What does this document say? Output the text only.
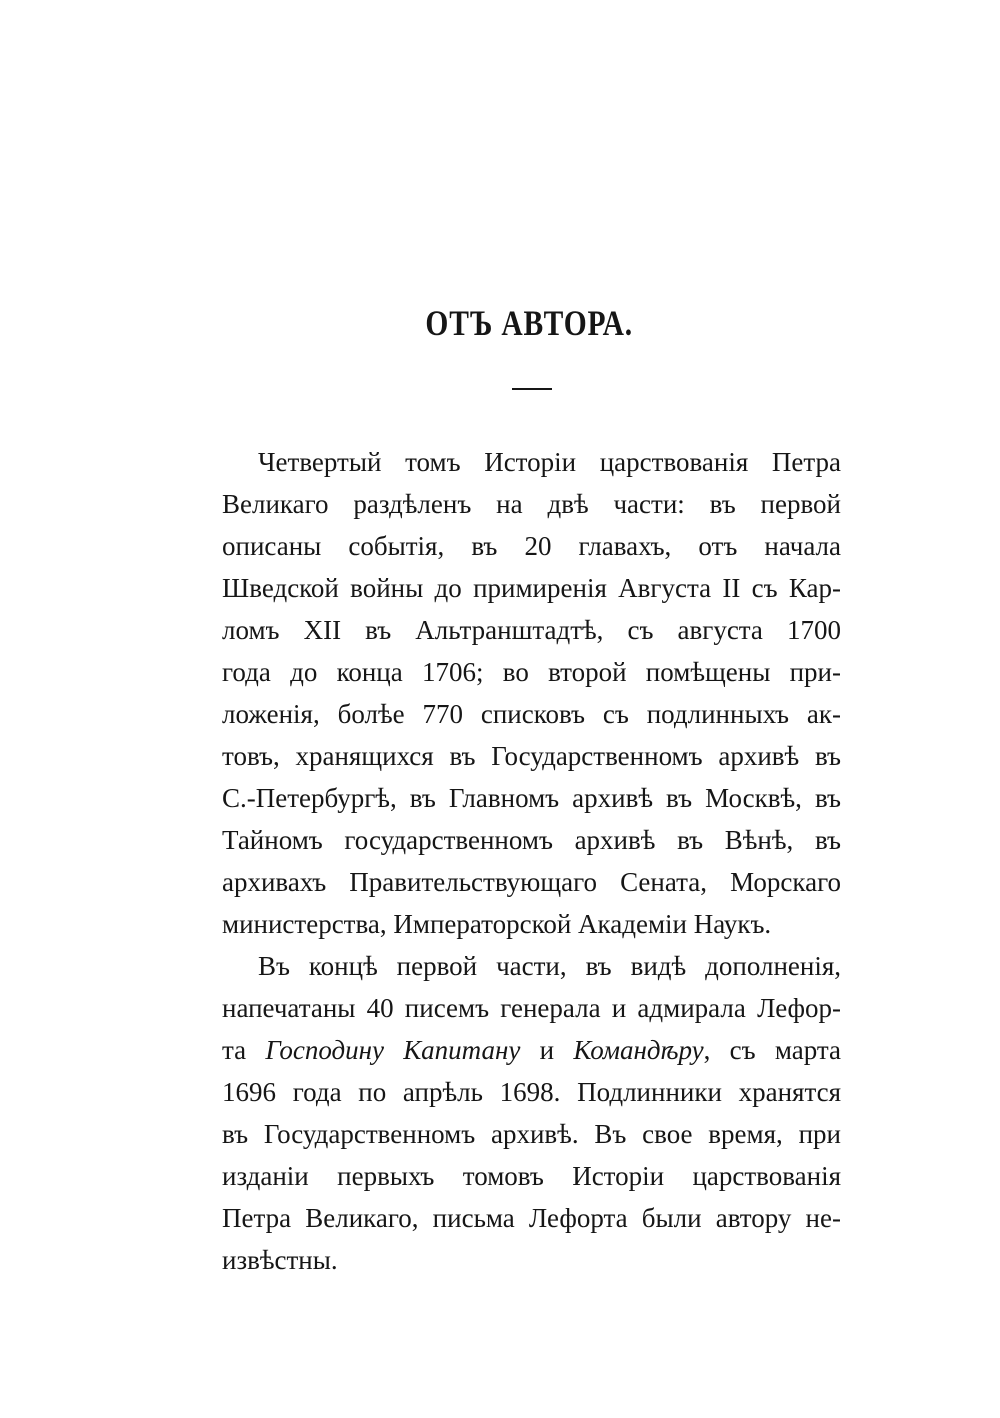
ОТЪ АВТОРА.
Четвертый томъ Исторіи царствованія Петра
Великаго раздѣленъ на двѣ части: въ первой
описаны событія, въ 20 главахъ, отъ начала
Шведской войны до примиренія Августа II съ Кар-
ломъ XII въ Альтранштадтѣ, съ августа 1700
года до конца 1706; во второй помѣщены при-
ложенія, болѣе 770 списковъ съ подлинныхъ ак-
товъ, хранящихся въ Государственномъ архивѣ въ
С.-Петербургѣ, въ Главномъ архивѣ въ Москвѣ, въ
Тайномъ государственномъ архивѣ въ Вѣнѣ, въ
архивахъ Правительствующаго Сената, Морскаго
министерства, Императорской Академіи Наукъ.
Въ концѣ первой части, въ видѣ дополненія,
напечатаны 40 писемъ генерала и адмирала Лефор-
та Господину Капитану и Командѣру, съ марта
1696 года по апрѣль 1698. Подлинники хранятся
въ Государственномъ архивѣ. Въ свое время, при
изданіи первыхъ томовъ Исторіи царствованія
Петра Великаго, письма Лефорта были автору не-
извѣстны.
